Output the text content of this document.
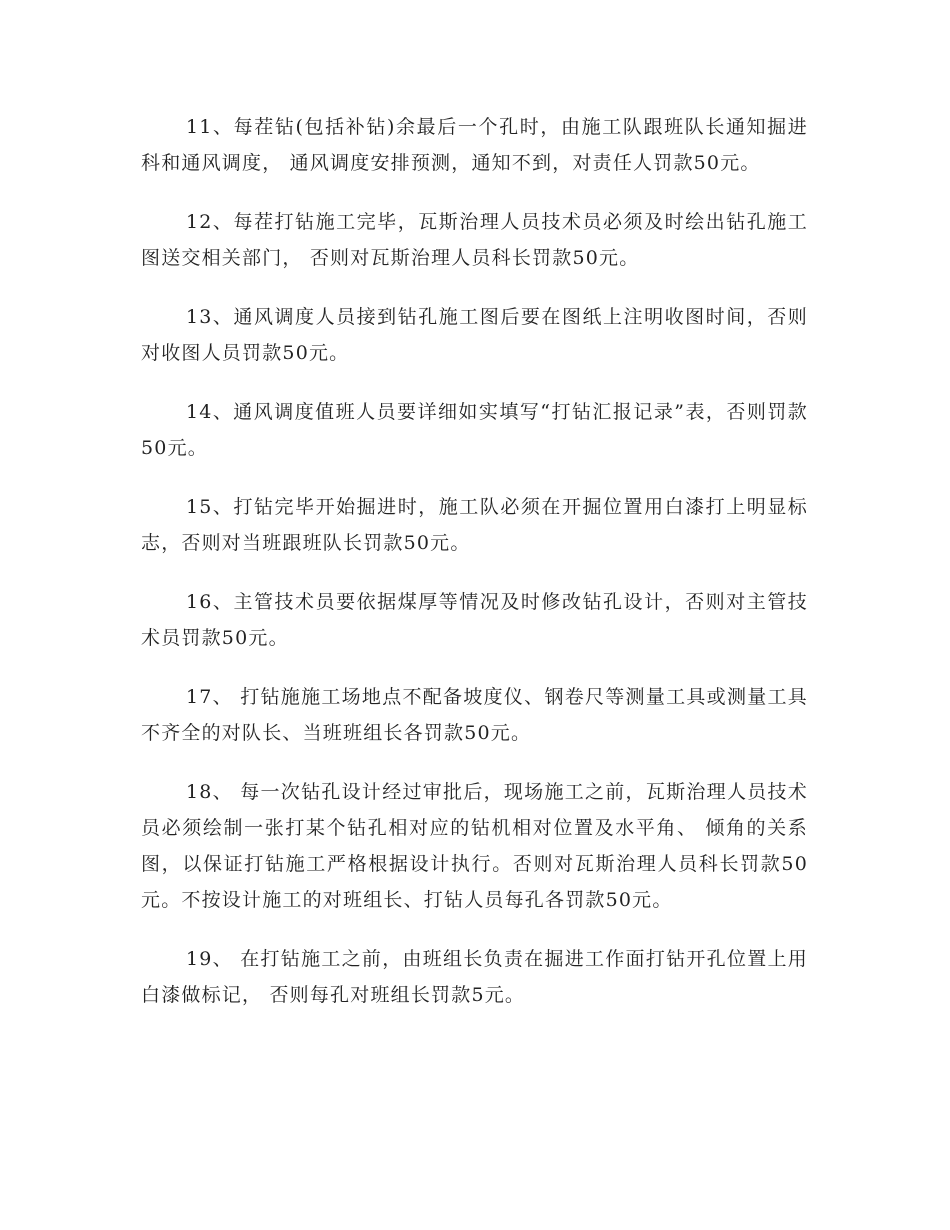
11、每茬钻(包括补钻)余最后一个孔时，由施工队跟班队长通知掘进科和通风调度， 通风调度安排预测，通知不到，对责任人罚款50元。

12、每茬打钻施工完毕，瓦斯治理人员技术员必须及时绘出钻孔施工图送交相关部门， 否则对瓦斯治理人员科长罚款50元。

13、通风调度人员接到钻孔施工图后要在图纸上注明收图时间，否则对收图人员罚款50元。

14、通风调度值班人员要详细如实填写“打钻汇报记录”表，否则罚款50元。

15、打钻完毕开始掘进时，施工队必须在开掘位置用白漆打上明显标志，否则对当班跟班队长罚款50元。

16、主管技术员要依据煤厚等情况及时修改钻孔设计，否则对主管技术员罚款50元。

17、 打钻施施工场地点不配备坡度仪、钢卷尺等测量工具或测量工具不齐全的对队长、当班班组长各罚款50元。

18、 每一次钻孔设计经过审批后，现场施工之前，瓦斯治理人员技术员必须绘制一张打某个钻孔相对应的钻机相对位置及水平角、 倾角的关系图，以保证打钻施工严格根据设计执行。否则对瓦斯治理人员科长罚款50元。不按设计施工的对班组长、打钻人员每孔各罚款50元。

19、 在打钻施工之前，由班组长负责在掘进工作面打钻开孔位置上用白漆做标记， 否则每孔对班组长罚款5元。
